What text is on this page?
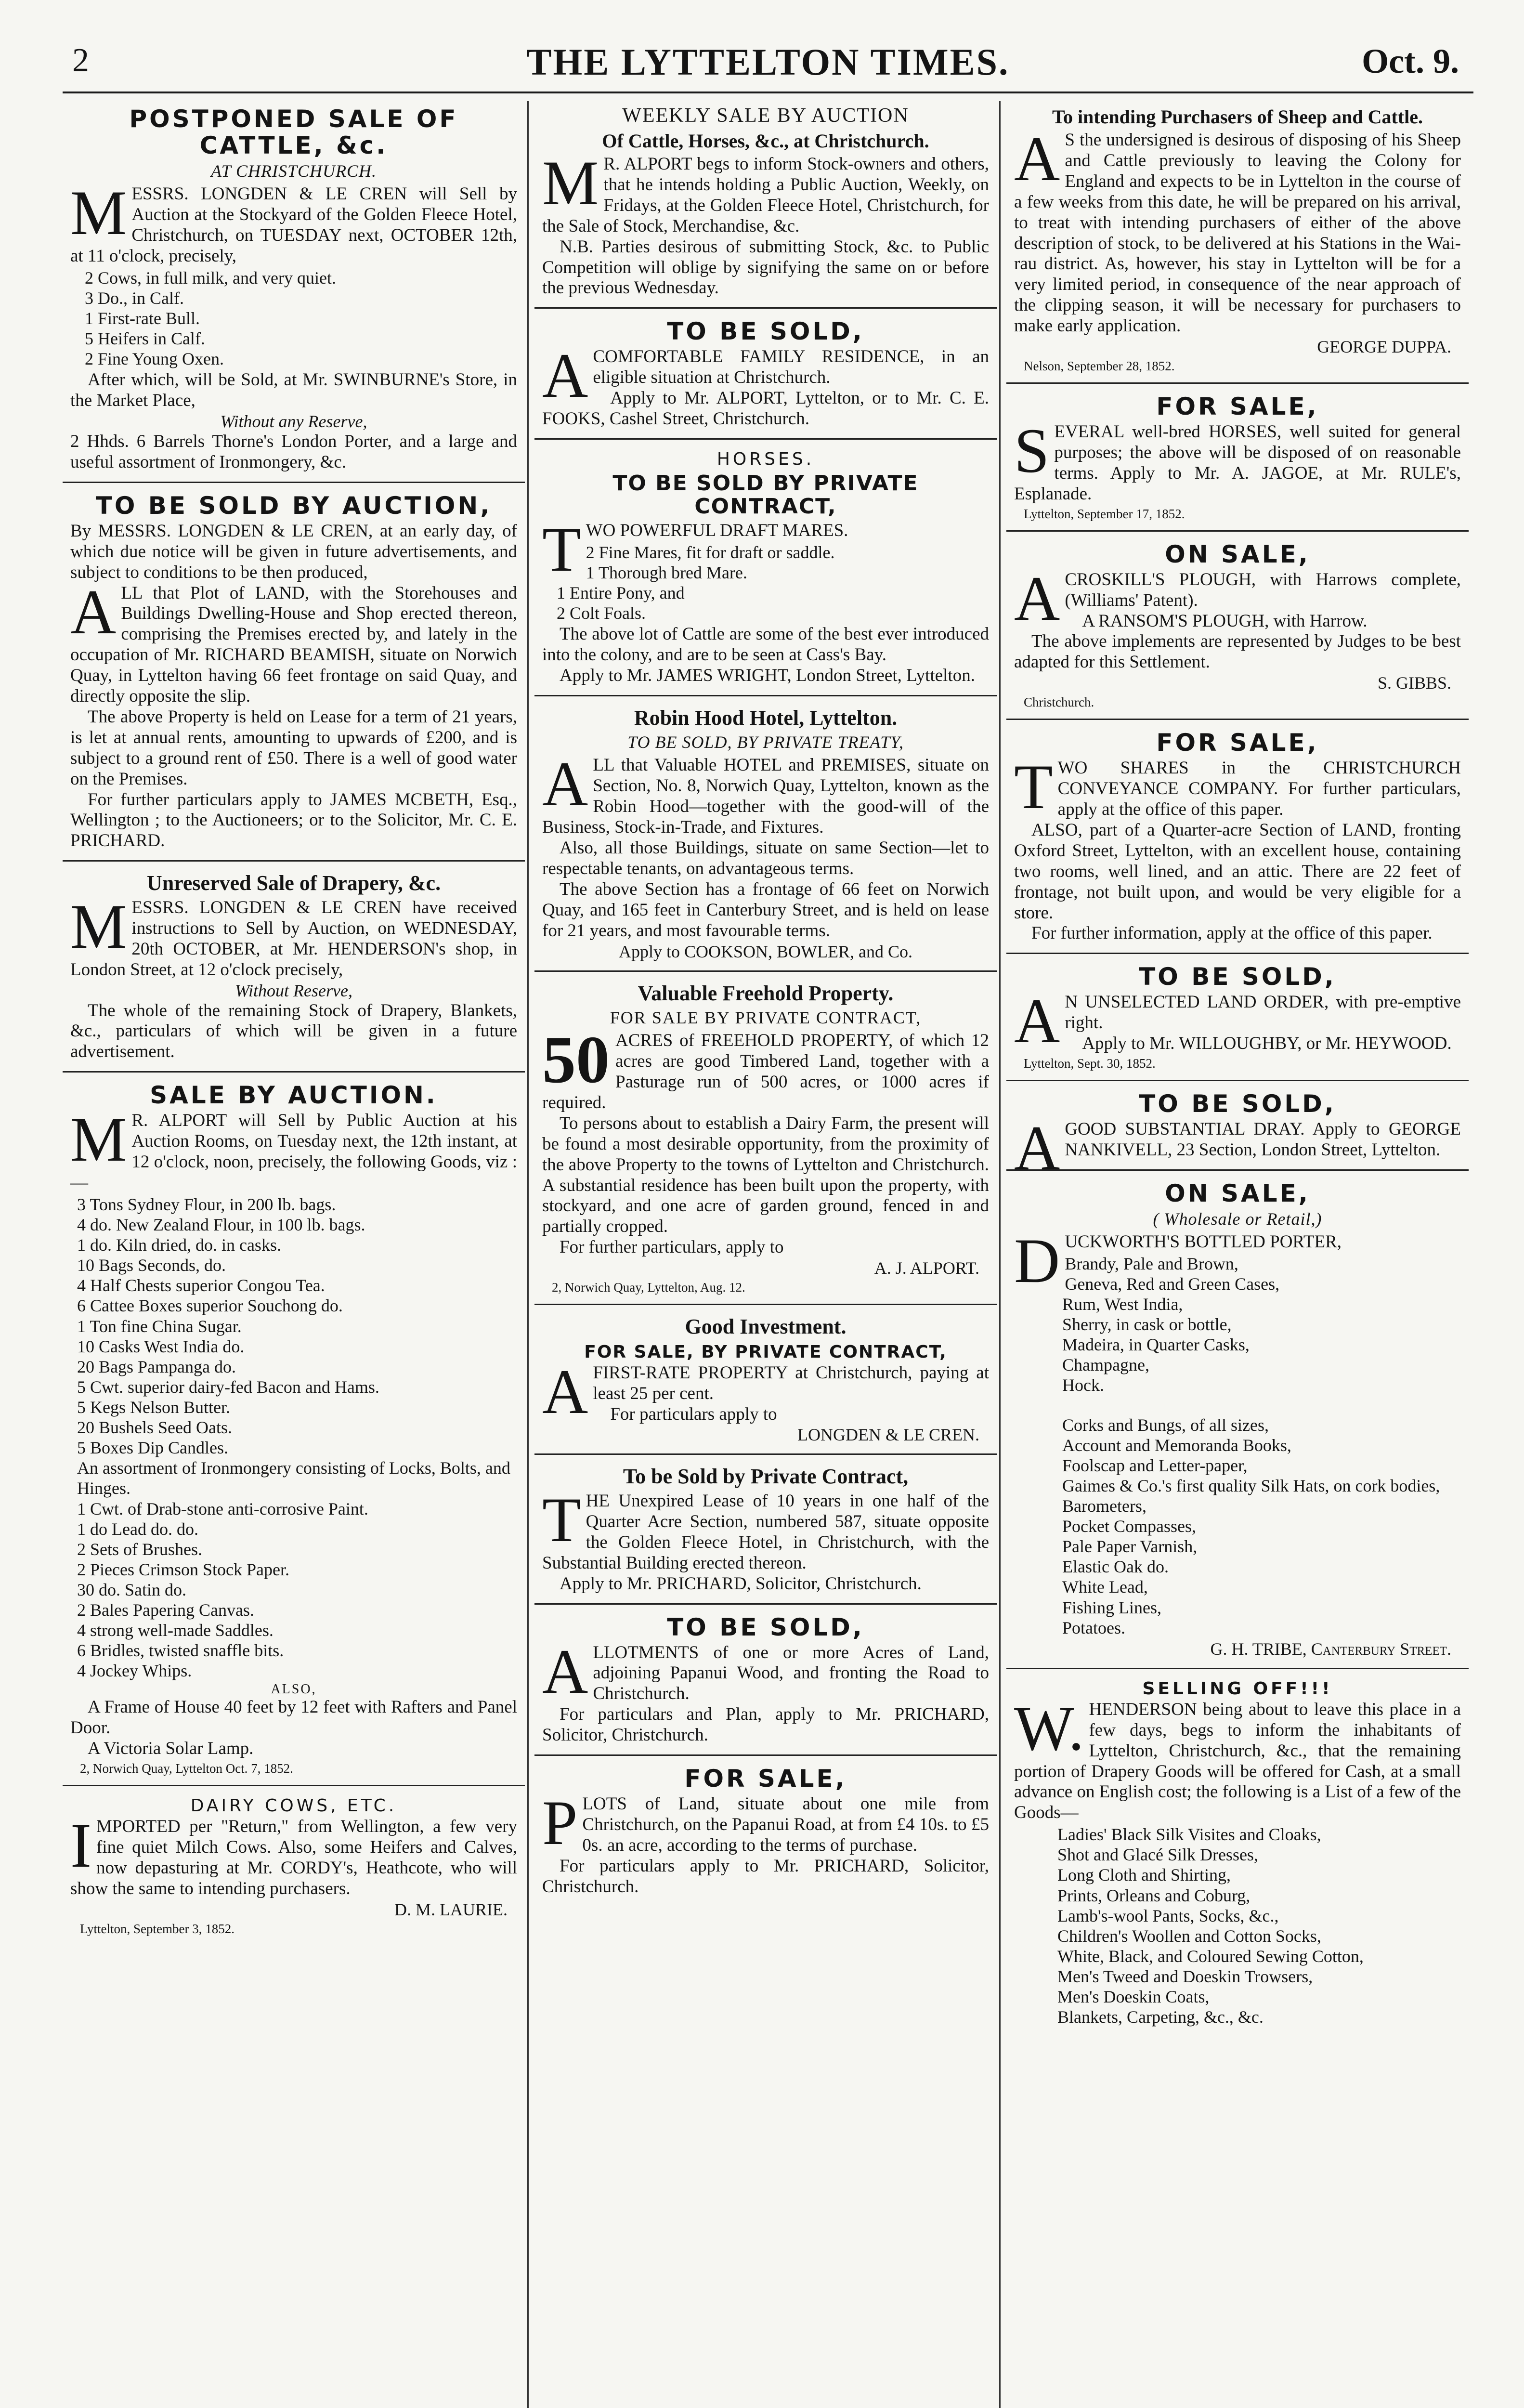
2	THE LYTTELTON TIMES.	Oct. 9.
POSTPONED SALE OF CATTLE, &c.
AT CHRISTCHURCH.

MESSRS. LONGDEN & LE CREN will Sell by Auction at the Stockyard of the Golden Fleece Hotel, Christchurch, on TUESDAY next, OCTOBER 12th, at 11 o'clock, precisely,

2 Cows, in full milk, and very quiet.
3 Do., in Calf.
1 First-rate Bull.
5 Heifers in Calf.
2 Fine Young Oxen.

After which, will be Sold, at Mr. SWINBURNE's Store, in the Market Place,

Without any Reserve,

2 Hhds. 6 Barrels Thorne's London Porter, and a large and useful assortment of Ironmongery, &c.

TO BE SOLD BY AUCTION,

By MESSRS. LONGDEN & LE CREN, at an early day, of which due notice will be given in future advertisements, and subject to conditions to be then produced,

ALL that Plot of LAND, with the Storehouses and Buildings Dwelling-House and Shop erected thereon, comprising the Premises erected by, and lately in the occupation of Mr. RICHARD BEAMISH, situate on Norwich Quay, in Lyttelton having 66 feet frontage on said Quay, and directly opposite the slip.

The above Property is held on Lease for a term of 21 years, is let at annual rents, amounting to upwards of £200, and is subject to a ground rent of £50. There is a well of good water on the Premises.

For further particulars apply to JAMES MCBETH, Esq., Wellington ; to the Auctioneers; or to the Solicitor, Mr. C. E. PRICHARD.

Unreserved Sale of Drapery, &c.

MESSRS. LONGDEN & LE CREN have received instructions to Sell by Auction, on WEDNESDAY, 20th OCTOBER, at Mr. HENDERSON's shop, in London Street, at 12 o'clock precisely,

Without Reserve,

The whole of the remaining Stock of Drapery, Blankets, &c., particulars of which will be given in a future advertisement.

SALE BY AUCTION.

M R. ALPORT will Sell by Public Auction at his Auction Rooms, on Tuesday next, the 12th instant, at 12 o'clock, noon, precisely, the following Goods, viz :—

3 Tons Sydney Flour, in 200 lb. bags.
4 do. New Zealand Flour, in 100 lb. bags.
1 do. Kiln dried, do. in casks.
10 Bags Seconds, do.
4 Half Chests superior Congou Tea.
6 Cattee Boxes superior Souchong do.
1 Ton fine China Sugar.
10 Casks West India do.
20 Bags Pampanga do.
5 Cwt. superior dairy-fed Bacon and Hams.
5 Kegs Nelson Butter.
20 Bushels Seed Oats.
5 Boxes Dip Candles.
An assortment of Ironmongery consisting of Locks, Bolts, and Hinges.
1 Cwt. of Drab-stone anti-corrosive Paint.
1 do Lead do. do.
2 Sets of Brushes.
2 Pieces Crimson Stock Paper.
30 do. Satin do.
2 Bales Papering Canvas.
4 strong well-made Saddles.
6 Bridles, twisted snaffle bits.
4 Jockey Whips.
ALSO,

A Frame of House 40 feet by 12 feet with Rafters and Panel Door.

A Victoria Solar Lamp.

2, Norwich Quay, Lyttelton Oct. 7, 1852.
DAIRY COWS, ETC.

IMPORTED per "Return," from Wellington, a few very fine quiet Milch Cows. Also, some Heifers and Calves, now depasturing at Mr. CORDY's, Heathcote, who will show the same to intending purchasers.

D. M. LAURIE.
Lyttelton, September 3, 1852.
WEEKLY SALE BY AUCTION
Of Cattle, Horses, &c., at Christchurch.

M R. ALPORT begs to inform Stock-owners and others, that he intends holding a Public Auction, Weekly, on Fridays, at the Golden Fleece Hotel, Christchurch, for the Sale of Stock, Merchandise, &c.

N.B. Parties desirous of submitting Stock, &c. to Public Competition will oblige by signifying the same on or before the previous Wednesday.

TO BE SOLD,

ACOMFORTABLE FAMILY RESIDENCE, in an eligible situation at Christchurch.

Apply to Mr. ALPORT, Lyttelton, or to Mr. C. E. FOOKS, Cashel Street, Christchurch.

HORSES.
TO BE SOLD BY PRIVATE CONTRACT,

TWO POWERFUL DRAFT MARES.

2 Fine Mares, fit for draft or saddle.
1 Thorough bred Mare.
1 Entire Pony, and
2 Colt Foals.

The above lot of Cattle are some of the best ever introduced into the colony, and are to be seen at Cass's Bay.

Apply to Mr. JAMES WRIGHT, London Street, Lyttelton.

Robin Hood Hotel, Lyttelton.
TO BE SOLD, BY PRIVATE TREATY,

ALL that Valuable HOTEL and PREMISES, situate on Section, No. 8, Norwich Quay, Lyttelton, known as the Robin Hood—together with the good-will of the Business, Stock-in-Trade, and Fixtures.

Also, all those Buildings, situate on same Section—let to respectable tenants, on advantageous terms.

The above Section has a frontage of 66 feet on Norwich Quay, and 165 feet in Canterbury Street, and is held on lease for 21 years, and most favourable terms.

Apply to COOKSON, BOWLER, and Co.
Valuable Freehold Property.
FOR SALE BY PRIVATE CONTRACT,

50 ACRES of FREEHOLD PROPERTY, of which 12 acres are good Timbered Land, together with a Pasturage run of 500 acres, or 1000 acres if required.

To persons about to establish a Dairy Farm, the present will be found a most desirable opportunity, from the proximity of the above Property to the towns of Lyttelton and Christchurch. A substantial residence has been built upon the property, with stockyard, and one acre of garden ground, fenced in and partially cropped.

For further particulars, apply to

A. J. ALPORT.
2, Norwich Quay, Lyttelton, Aug. 12.
Good Investment.
FOR SALE, BY PRIVATE CONTRACT,

AFIRST-RATE PROPERTY at Christchurch, paying at least 25 per cent.

For particulars apply to

LONGDEN & LE CREN.
To be Sold by Private Contract,

THE Unexpired Lease of 10 years in one half of the Quarter Acre Section, numbered 587, situate opposite the Golden Fleece Hotel, in Christchurch, with the Substantial Building erected thereon.

Apply to Mr. PRICHARD, Solicitor, Christchurch.

TO BE SOLD,

ALLOTMENTS of one or more Acres of Land, adjoining Papanui Wood, and fronting the Road to Christchurch.

For particulars and Plan, apply to Mr. PRICHARD, Solicitor, Christchurch.

FOR SALE,

PLOTS of Land, situate about one mile from Christchurch, on the Papanui Road, at from £4 10s. to £5 0s. an acre, according to the terms of purchase.

For particulars apply to Mr. PRICHARD, Solicitor, Christchurch.

To intending Purchasers of Sheep and Cattle.

A S the undersigned is desirous of disposing of his Sheep and Cattle previously to leaving the Colony for England and expects to be in Lyttelton in the course of a few weeks from this date, he will be prepared on his arrival, to treat with intending purchasers of either of the above description of stock, to be delivered at his Stations in the Wai-rau district. As, however, his stay in Lyttelton will be for a very limited period, in consequence of the near approach of the clipping season, it will be necessary for purchasers to make early application.

GEORGE DUPPA.
Nelson, September 28, 1852.
FOR SALE,

SEVERAL well-bred HORSES, well suited for general purposes; the above will be disposed of on reasonable terms. Apply to Mr. A. JAGOE, at Mr. RULE's, Esplanade.

Lyttelton, September 17, 1852.
ON SALE,

ACROSKILL'S PLOUGH, with Harrows complete, (Williams' Patent).

A RANSOM'S PLOUGH, with Harrow.

The above implements are represented by Judges to be best adapted for this Settlement.

S. GIBBS.
Christchurch.
FOR SALE,

TWO SHARES in the CHRISTCHURCH CONVEYANCE COMPANY. For further particulars, apply at the office of this paper.

ALSO, part of a Quarter-acre Section of LAND, fronting Oxford Street, Lyttelton, with an excellent house, containing two rooms, well lined, and an attic. There are 22 feet of frontage, not built upon, and would be very eligible for a store.

For further information, apply at the office of this paper.

TO BE SOLD,

A N UNSELECTED LAND ORDER, with pre-emptive right.

Apply to Mr. WILLOUGHBY, or Mr. HEYWOOD.

Lyttelton, Sept. 30, 1852.
TO BE SOLD,

AGOOD SUBSTANTIAL DRAY. Apply to GEORGE NANKIVELL, 23 Section, London Street, Lyttelton.

ON SALE,
( Wholesale or Retail,)

DUCKWORTH'S BOTTLED PORTER,

Brandy, Pale and Brown,
Geneva, Red and Green Cases,
Rum, West India,
Sherry, in cask or bottle,
Madeira, in Quarter Casks,
Champagne,
Hock.
Corks and Bungs, of all sizes,
Account and Memoranda Books,
Foolscap and Letter-paper,
Gaimes & Co.'s first quality Silk Hats, on cork bodies,
Barometers,
Pocket Compasses,
Pale Paper Varnish,
Elastic Oak do.
White Lead,
Fishing Lines,
Potatoes.
G. H. TRIBE, Canterbury Street.
SELLING OFF!!!

W. HENDERSON being about to leave this place in a few days, begs to inform the inhabitants of Lyttelton, Christchurch, &c., that the remaining portion of Drapery Goods will be offered for Cash, at a small advance on English cost; the following is a List of a few of the Goods—

Ladies' Black Silk Visites and Cloaks,
Shot and Glacé Silk Dresses,
Long Cloth and Shirting,
Prints, Orleans and Coburg,
Lamb's-wool Pants, Socks, &c.,
Children's Woollen and Cotton Socks,
White, Black, and Coloured Sewing Cotton,
Men's Tweed and Doeskin Trowsers,
Men's Doeskin Coats,
Blankets, Carpeting, &c., &c.
